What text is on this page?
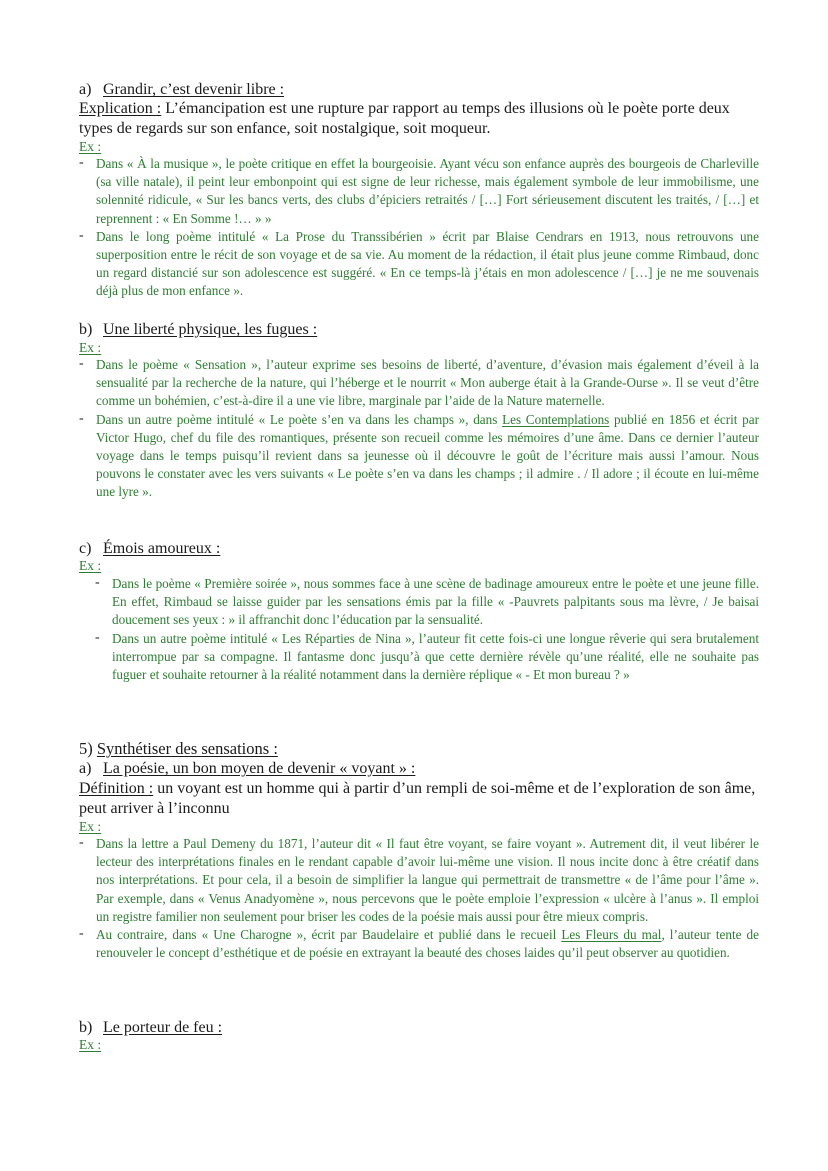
a) Grandir, c’est devenir libre :
Explication : L’émancipation est une rupture par rapport au temps des illusions où le poète porte deux types de regards sur son enfance, soit nostalgique, soit moqueur.
Ex :
- Dans « À la musique », le poète critique en effet la bourgeoisie. Ayant vécu son enfance auprès des bourgeois de Charleville (sa ville natale), il peint leur embonpoint qui est signe de leur richesse, mais également symbole de leur immobilisme, une solennité ridicule, « Sur les bancs verts, des clubs d’épiciers retraités / […] Fort sérieusement discutent les traités, / […] et reprennent : « En Somme !… » »
- Dans le long poème intitulé « La Prose du Transsibérien » écrit par Blaise Cendrars en 1913, nous retrouvons une superposition entre le récit de son voyage et de sa vie. Au moment de la rédaction, il était plus jeune comme Rimbaud, donc un regard distancié sur son adolescence est suggéré. « En ce temps-là j’étais en mon adolescence / […] je ne me souvenais déjà plus de mon enfance ».
b) Une liberté physique, les fugues :
Ex :
- Dans le poème « Sensation », l’auteur exprime ses besoins de liberté, d’aventure, d’évasion mais également d’éveil à la sensualité par la recherche de la nature, qui l’héberge et le nourrit « Mon auberge était à la Grande-Ourse ». Il se veut d’être comme un bohémien, c’est-à-dire il a une vie libre, marginale par l’aide de la Nature maternelle.
- Dans un autre poème intitulé « Le poète s’en va dans les champs », dans Les Contemplations publié en 1856 et écrit par Victor Hugo, chef du file des romantiques, présente son recueil comme les mémoires d’une âme. Dans ce dernier l’auteur voyage dans le temps puisqu’il revient dans sa jeunesse où il découvre le goût de l’écriture mais aussi l’amour. Nous pouvons le constater avec les vers suivants « Le poète s’en va dans les champs ; il admire . / Il adore ; il écoute en lui-même une lyre ».
c) Émois amoureux :
Ex :
- Dans le poème « Première soirée », nous sommes face à une scène de badinage amoureux entre le poète et une jeune fille. En effet, Rimbaud se laisse guider par les sensations émis par la fille « -Pauvrets palpitants sous ma lèvre, / Je baisai doucement ses yeux : » il affranchit donc l’éducation par la sensualité.
- Dans un autre poème intitulé « Les Réparties de Nina », l’auteur fit cette fois-ci une longue rêverie qui sera brutalement interrompue par sa compagne. Il fantasme donc jusqu’à que cette dernière révèle qu’une réalité, elle ne souhaite pas fuguer et souhaite retourner à la réalité notamment dans la dernière réplique « - Et mon bureau ? »
5) Synthétiser des sensations :
a) La poésie, un bon moyen de devenir « voyant » :
Définition : un voyant est un homme qui à partir d’un rempli de soi-même et de l’exploration de son âme, peut arriver à l’inconnu
Ex :
- Dans la lettre a Paul Demeny du 1871, l’auteur dit « Il faut être voyant, se faire voyant ». Autrement dit, il veut libérer le lecteur des interprétations finales en le rendant capable d’avoir lui-même une vision. Il nous incite donc à être créatif dans nos interprétations. Et pour cela, il a besoin de simplifier la langue qui permettrait de transmettre « de l’âme pour l’âme ». Par exemple, dans « Venus Anadyomène », nous percevons que le poète emploie l’expression « ulcère à l’anus ». Il emploi un registre familier non seulement pour briser les codes de la poésie mais aussi pour être mieux compris.
- Au contraire, dans « Une Charogne », écrit par Baudelaire et publié dans le recueil Les Fleurs du mal, l’auteur tente de renouveler le concept d’esthétique et de poésie en extrayant la beauté des choses laides qu’il peut observer au quotidien.
b) Le porteur de feu :
Ex :
